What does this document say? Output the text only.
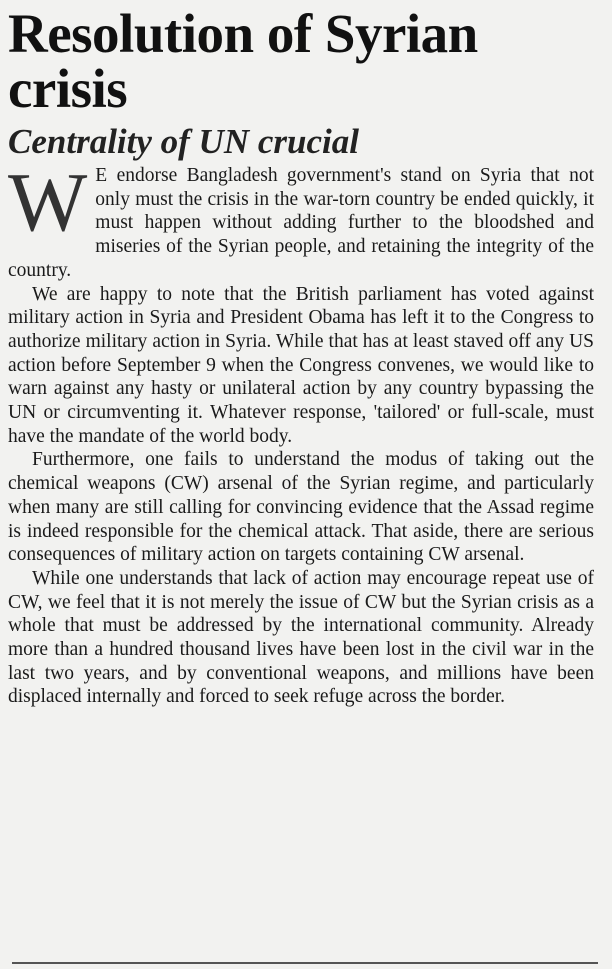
Resolution of Syrian crisis
Centrality of UN crucial

W E endorse Bangladesh government's stand on Syria that not only must the crisis in the war-torn country be ended quickly, it must happen without adding further to the bloodshed and miseries of the Syrian people, and retaining the integrity of the country.

We are happy to note that the British parliament has voted against military action in Syria and President Obama has left it to the Congress to authorize military action in Syria. While that has at least staved off any US action before September 9 when the Congress convenes, we would like to warn against any hasty or unilateral action by any country bypassing the UN or circumventing it. Whatever response, 'tailored' or full-scale, must have the mandate of the world body.

Furthermore, one fails to understand the modus of taking out the chemical weapons (CW) arsenal of the Syrian regime, and particularly when many are still calling for convincing evidence that the Assad regime is indeed responsible for the chemical attack. That aside, there are serious consequences of military action on targets containing CW arsenal.

While one understands that lack of action may encourage repeat use of CW, we feel that it is not merely the issue of CW but the Syrian crisis as a whole that must be addressed by the international community. Already more than a hundred thousand lives have been lost in the civil war in the last two years, and by conventional weapons, and millions have been displaced internally and forced to seek refuge across the border.
